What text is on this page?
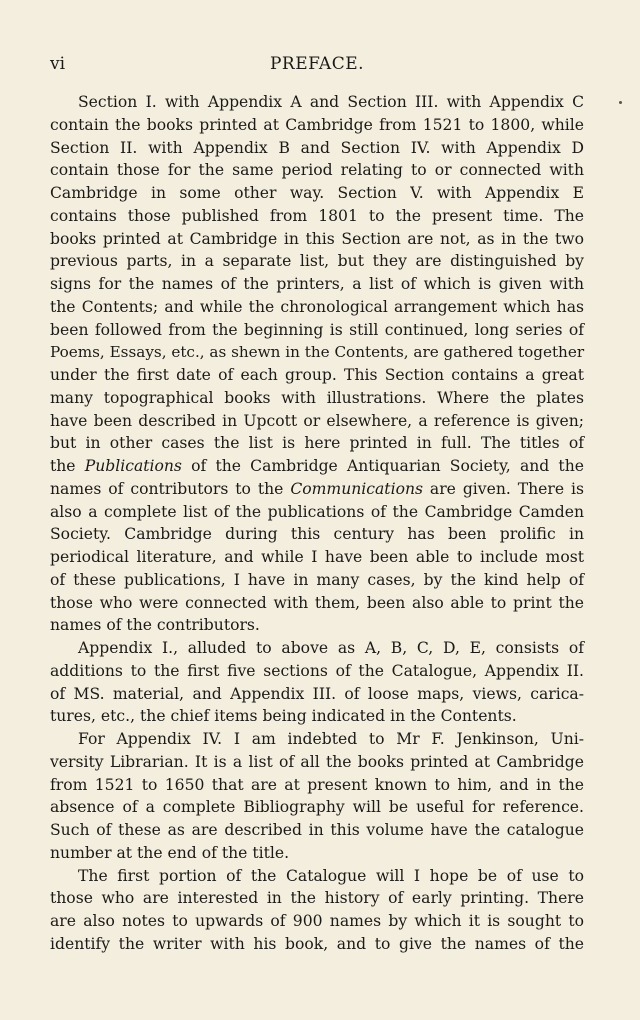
vi	PREFACE.
Section I. with Appendix A and Section III. with Appendix C
contain the books printed at Cambridge from 1521 to 1800, while
Section II. with Appendix B and Section IV. with Appendix D
contain those for the same period relating to or connected with
Cambridge in some other way. Section V. with Appendix E
contains those published from 1801 to the present time. The
books printed at Cambridge in this Section are not, as in the two
previous parts, in a separate list, but they are distinguished by
signs for the names of the printers, a list of which is given with
the Contents; and while the chronological arrangement which has
been followed from the beginning is still continued, long series of
Poems, Essays, etc., as shewn in the Contents, are gathered together
under the first date of each group. This Section contains a great
many topographical books with illustrations. Where the plates
have been described in Upcott or elsewhere, a reference is given;
but in other cases the list is here printed in full. The titles of
the Publications of the Cambridge Antiquarian Society, and the
names of contributors to the Communications are given. There is
also a complete list of the publications of the Cambridge Camden
Society. Cambridge during this century has been prolific in
periodical literature, and while I have been able to include most
of these publications, I have in many cases, by the kind help of
those who were connected with them, been also able to print the
names of the contributors.
Appendix I., alluded to above as A, B, C, D, E, consists of
additions to the first five sections of the Catalogue, Appendix II.
of MS. material, and Appendix III. of loose maps, views, carica-
tures, etc., the chief items being indicated in the Contents.
For Appendix IV. I am indebted to Mr F. Jenkinson, Uni-
versity Librarian. It is a list of all the books printed at Cambridge
from 1521 to 1650 that are at present known to him, and in the
absence of a complete Bibliography will be useful for reference.
Such of these as are described in this volume have the catalogue
number at the end of the title.
The first portion of the Catalogue will I hope be of use to
those who are interested in the history of early printing. There
are also notes to upwards of 900 names by which it is sought to
identify the writer with his book, and to give the names of the
